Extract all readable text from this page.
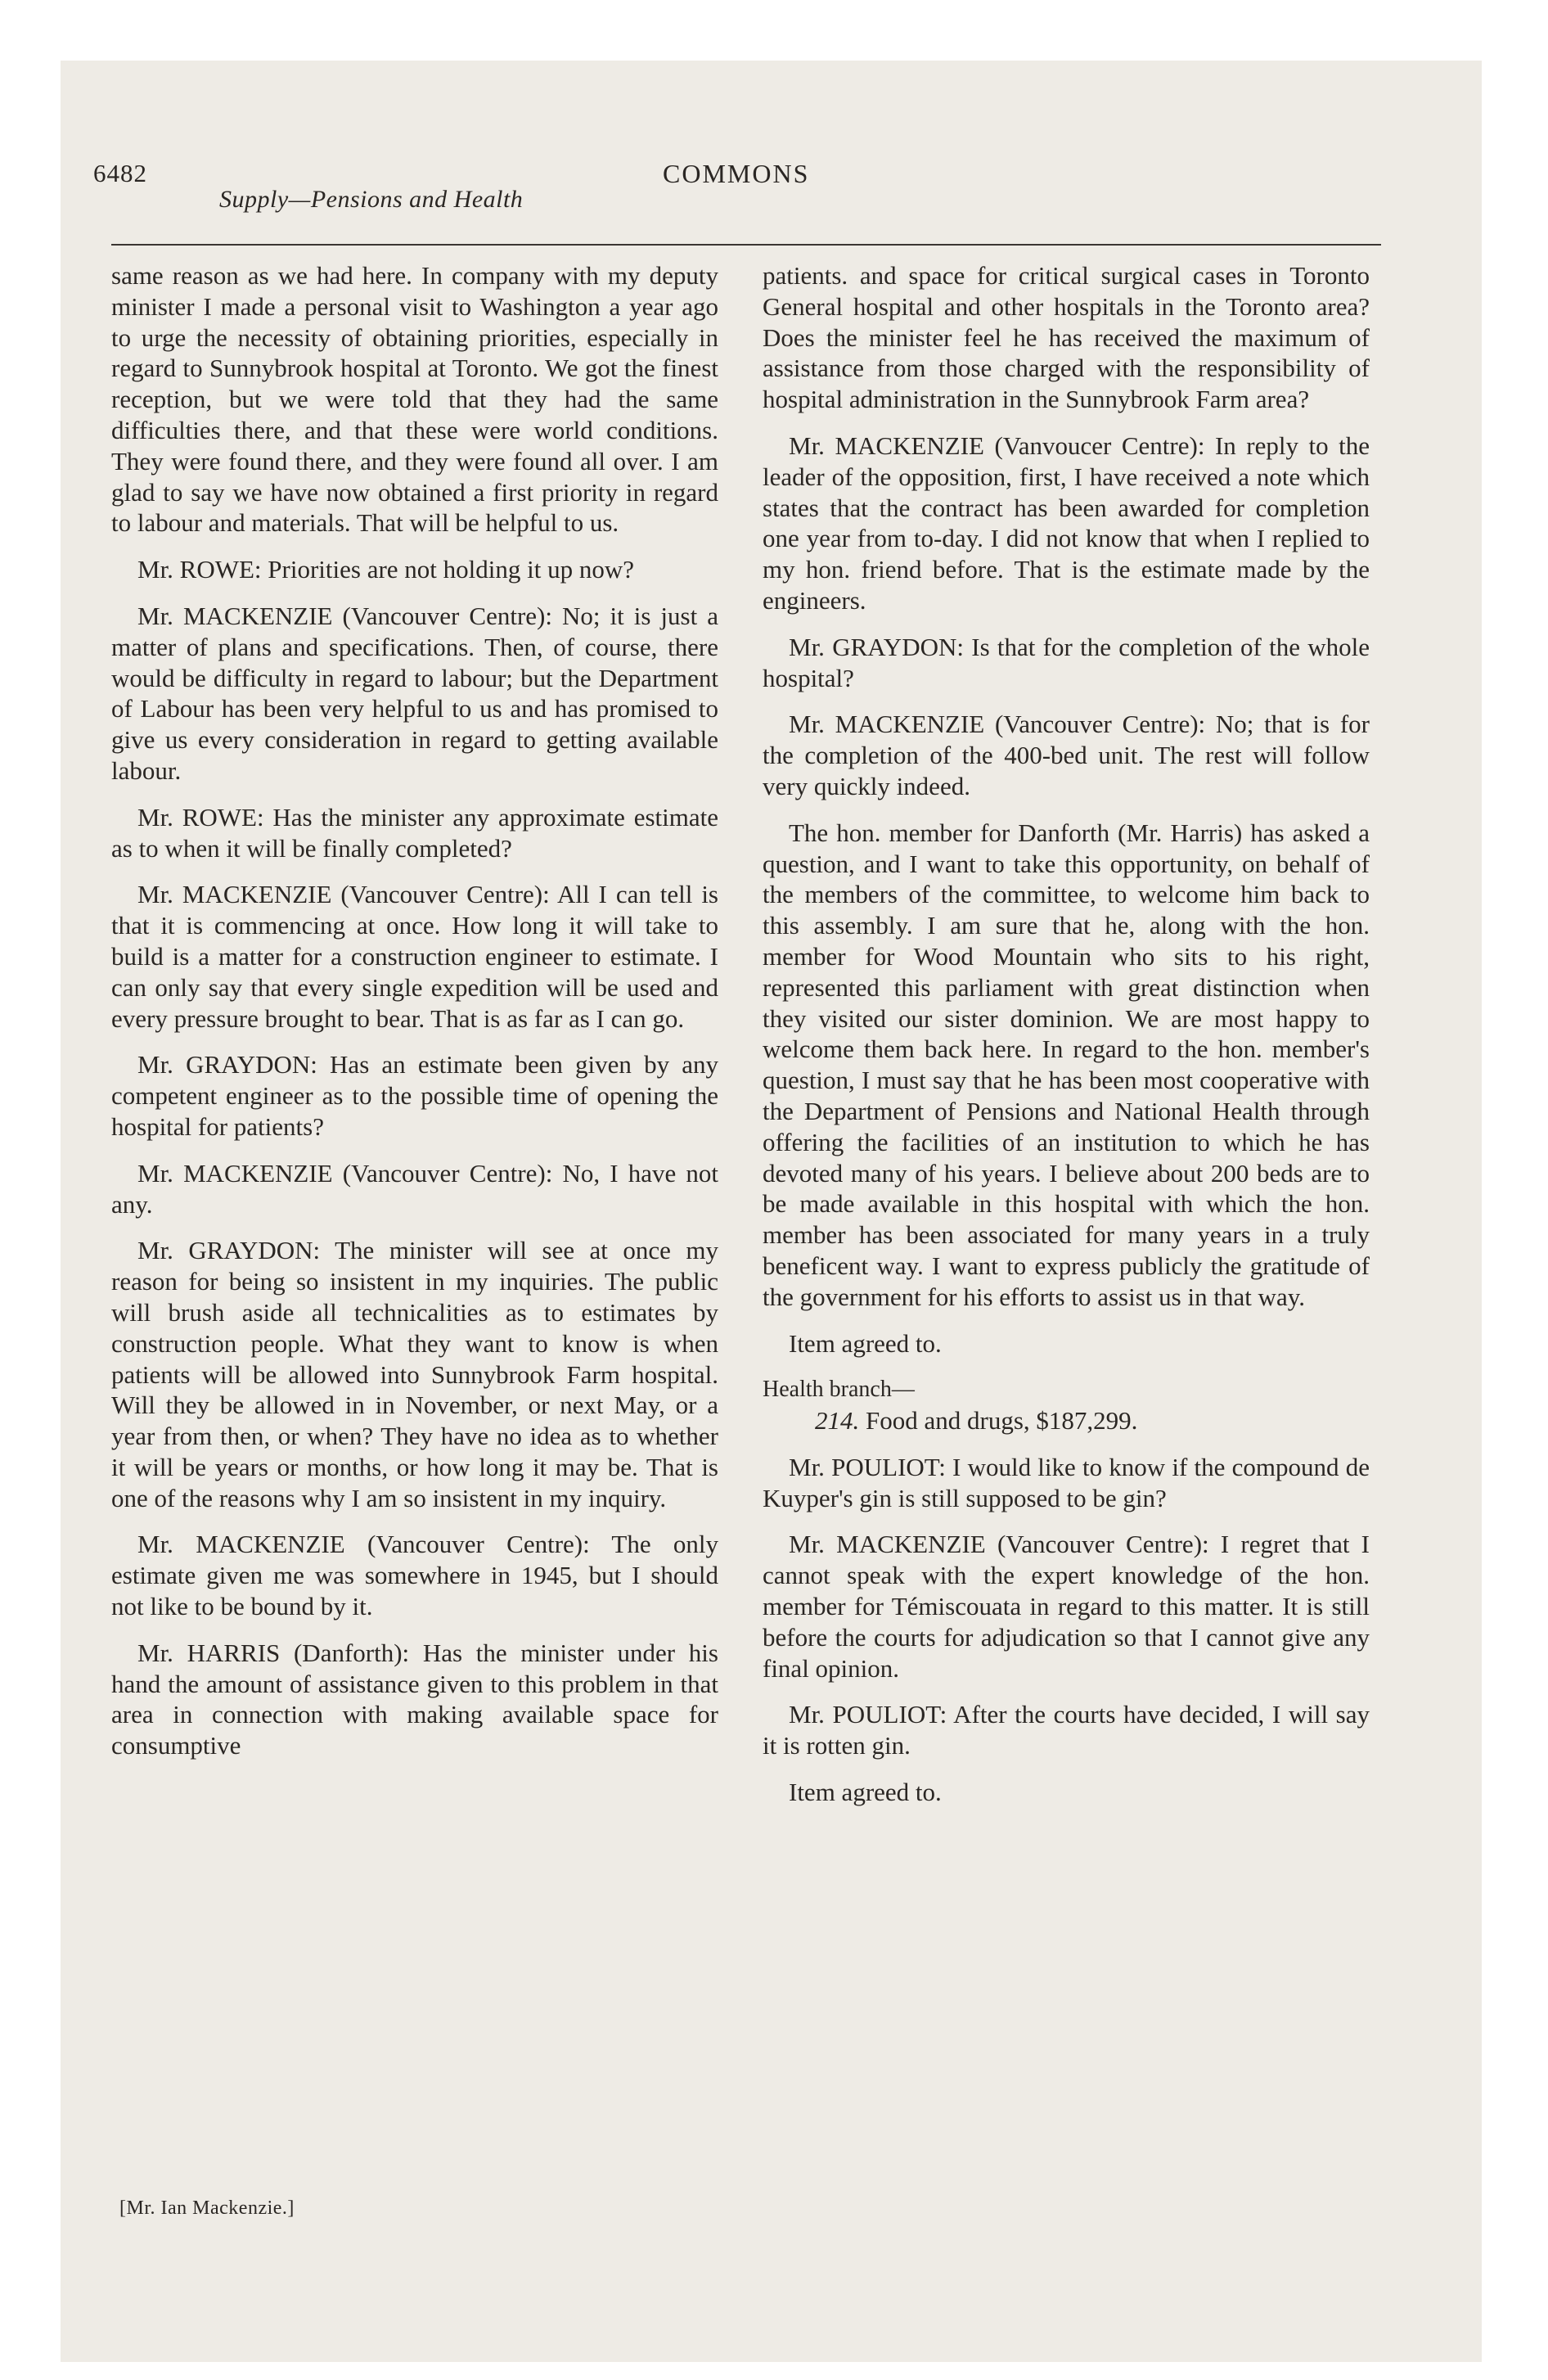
6482
Supply—Pensions and Health
COMMONS

same reason as we had here. In company with my deputy minister I made a personal visit to Washington a year ago to urge the necessity of obtaining priorities, especially in regard to Sunnybrook hospital at Toronto. We got the finest reception, but we were told that they had the same difficulties there, and that these were world conditions. They were found there, and they were found all over. I am glad to say we have now obtained a first priority in regard to labour and materials. That will be helpful to us.

Mr. ROWE: Priorities are not holding it up now?

Mr. MACKENZIE (Vancouver Centre): No; it is just a matter of plans and specifications. Then, of course, there would be difficulty in regard to labour; but the Department of Labour has been very helpful to us and has promised to give us every consideration in regard to getting available labour.

Mr. ROWE: Has the minister any approximate estimate as to when it will be finally completed?

Mr. MACKENZIE (Vancouver Centre): All I can tell is that it is commencing at once. How long it will take to build is a matter for a construction engineer to estimate. I can only say that every single expedition will be used and every pressure brought to bear. That is as far as I can go.

Mr. GRAYDON: Has an estimate been given by any competent engineer as to the possible time of opening the hospital for patients?

Mr. MACKENZIE (Vancouver Centre): No, I have not any.

Mr. GRAYDON: The minister will see at once my reason for being so insistent in my inquiries. The public will brush aside all technicalities as to estimates by construction people. What they want to know is when patients will be allowed into Sunnybrook Farm hospital. Will they be allowed in in November, or next May, or a year from then, or when? They have no idea as to whether it will be years or months, or how long it may be. That is one of the reasons why I am so insistent in my inquiry.

Mr. MACKENZIE (Vancouver Centre): The only estimate given me was somewhere in 1945, but I should not like to be bound by it.

Mr. HARRIS (Danforth): Has the minister under his hand the amount of assistance given to this problem in that area in connection with making available space for consumptive

patients. and space for critical surgical cases in Toronto General hospital and other hospitals in the Toronto area? Does the minister feel he has received the maximum of assistance from those charged with the responsibility of hospital administration in the Sunnybrook Farm area?

Mr. MACKENZIE (Vanvoucer Centre): In reply to the leader of the opposition, first, I have received a note which states that the contract has been awarded for completion one year from to-day. I did not know that when I replied to my hon. friend before. That is the estimate made by the engineers.

Mr. GRAYDON: Is that for the completion of the whole hospital?

Mr. MACKENZIE (Vancouver Centre): No; that is for the completion of the 400-bed unit. The rest will follow very quickly indeed.

The hon. member for Danforth (Mr. Harris) has asked a question, and I want to take this opportunity, on behalf of the members of the committee, to welcome him back to this assembly. I am sure that he, along with the hon. member for Wood Mountain who sits to his right, represented this parliament with great distinction when they visited our sister dominion. We are most happy to welcome them back here. In regard to the hon. member's question, I must say that he has been most cooperative with the Department of Pensions and National Health through offering the facilities of an institution to which he has devoted many of his years. I believe about 200 beds are to be made available in this hospital with which the hon. member has been associated for many years in a truly beneficent way. I want to express publicly the gratitude of the government for his efforts to assist us in that way.

Item agreed to.

Health branch—

214. Food and drugs, $187,299.

Mr. POULIOT: I would like to know if the compound de Kuyper's gin is still supposed to be gin?

Mr. MACKENZIE (Vancouver Centre): I regret that I cannot speak with the expert knowledge of the hon. member for Témiscouata in regard to this matter. It is still before the courts for adjudication so that I cannot give any final opinion.

Mr. POULIOT: After the courts have decided, I will say it is rotten gin.

Item agreed to.

[Mr. Ian Mackenzie.]
